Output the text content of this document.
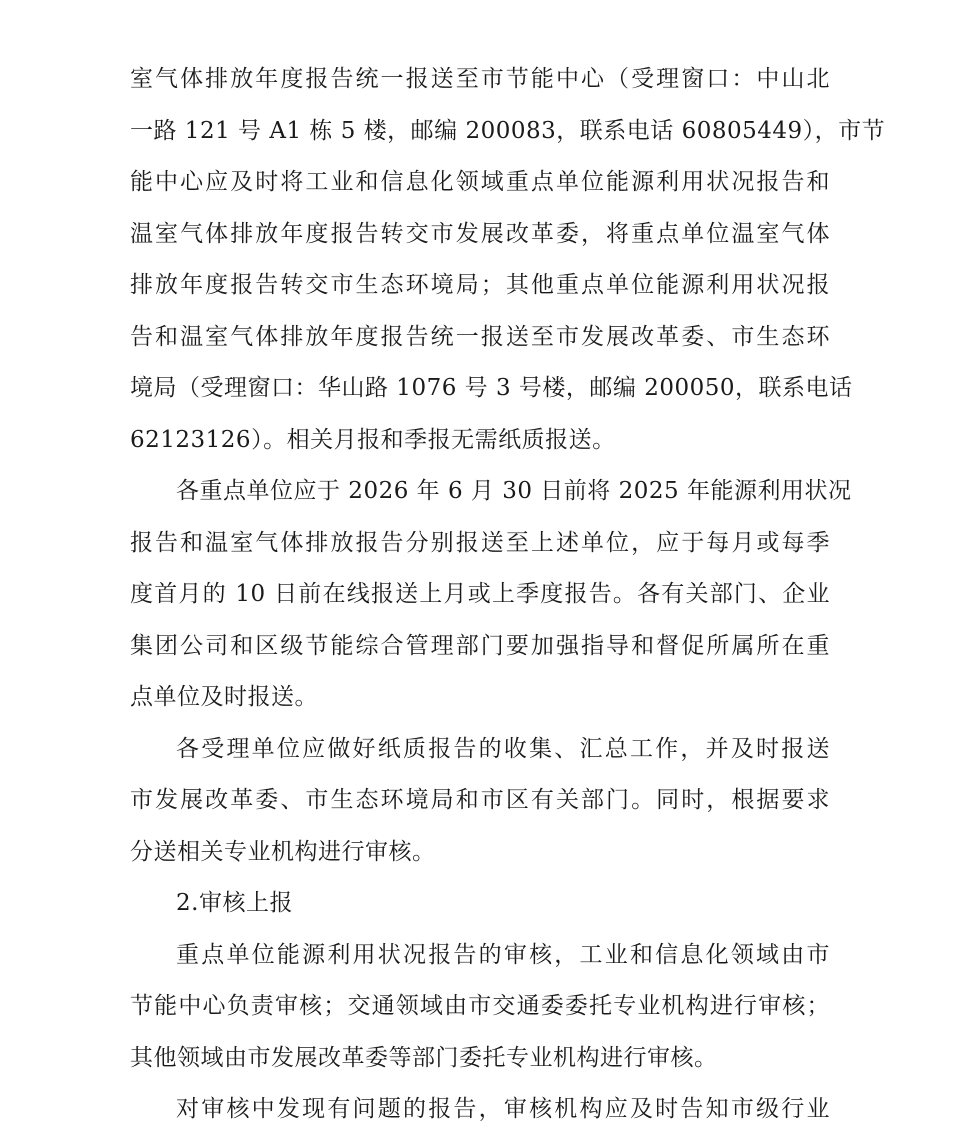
室气体排放年度报告统一报送至市节能中心（受理窗口：中山北
一路 121 号 A1 栋 5 楼，邮编 200083，联系电话 60805449），市节
能中心应及时将工业和信息化领域重点单位能源利用状况报告和
温室气体排放年度报告转交市发展改革委，将重点单位温室气体
排放年度报告转交市生态环境局；其他重点单位能源利用状况报
告和温室气体排放年度报告统一报送至市发展改革委、市生态环
境局（受理窗口：华山路 1076 号 3 号楼，邮编 200050，联系电话
62123126）。相关月报和季报无需纸质报送。
各重点单位应于 2026 年 6 月 30 日前将 2025 年能源利用状况
报告和温室气体排放报告分别报送至上述单位，应于每月或每季
度首月的 10 日前在线报送上月或上季度报告。各有关部门、企业
集团公司和区级节能综合管理部门要加强指导和督促所属所在重
点单位及时报送。
各受理单位应做好纸质报告的收集、汇总工作，并及时报送
市发展改革委、市生态环境局和市区有关部门。同时，根据要求
分送相关专业机构进行审核。
2.审核上报
重点单位能源利用状况报告的审核，工业和信息化领域由市
节能中心负责审核；交通领域由市交通委委托专业机构进行审核；
其他领域由市发展改革委等部门委托专业机构进行审核。
对审核中发现有问题的报告，审核机构应及时告知市级行业
